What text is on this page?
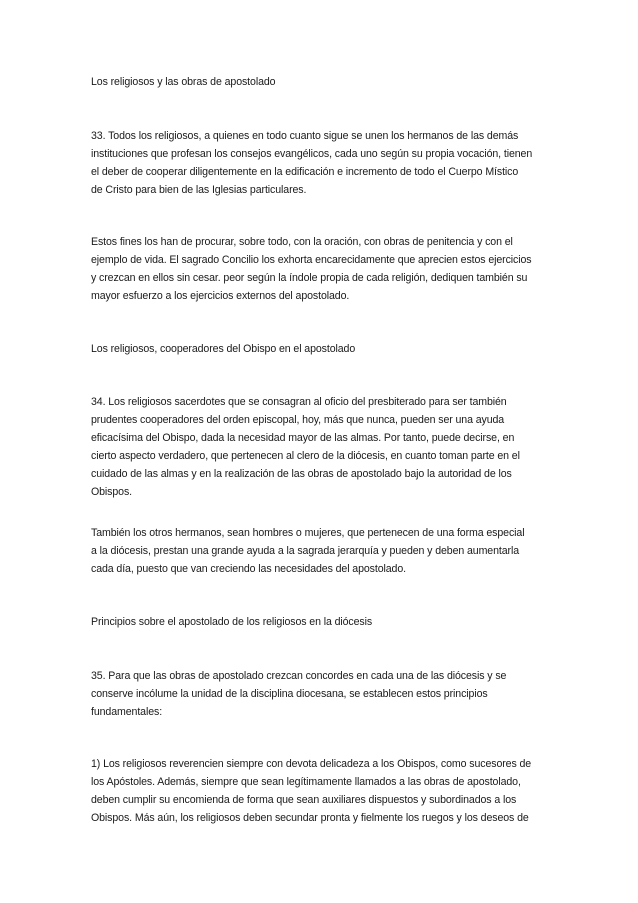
Los religiosos y las obras de apostolado

33. Todos los religiosos, a quienes en todo cuanto sigue se unen los hermanos de las demás
instituciones que profesan los consejos evangélicos, cada uno según su propia vocación, tienen
el deber de cooperar diligentemente en la edificación e incremento de todo el Cuerpo Místico
de Cristo para bien de las Iglesias particulares.

Estos fines los han de procurar, sobre todo, con la oración, con obras de penitencia y con el
ejemplo de vida. El sagrado Concilio los exhorta encarecidamente que aprecien estos ejercicios
y crezcan en ellos sin cesar. peor según la índole propia de cada religión, dediquen también su
mayor esfuerzo a los ejercicios externos del apostolado.

Los religiosos, cooperadores del Obispo en el apostolado

34. Los religiosos sacerdotes que se consagran al oficio del presbiterado para ser también
prudentes cooperadores del orden episcopal, hoy, más que nunca, pueden ser una ayuda
eficacísima del Obispo, dada la necesidad mayor de las almas. Por tanto, puede decirse, en
cierto aspecto verdadero, que pertenecen al clero de la diócesis, en cuanto toman parte en el
cuidado de las almas y en la realización de las obras de apostolado bajo la autoridad de los
Obispos.

También los otros hermanos, sean hombres o mujeres, que pertenecen de una forma especial
a la diócesis, prestan una grande ayuda a la sagrada jerarquía y pueden y deben aumentarla
cada día, puesto que van creciendo las necesidades del apostolado.

Principios sobre el apostolado de los religiosos en la diócesis

35. Para que las obras de apostolado crezcan concordes en cada una de las diócesis y se
conserve incólume la unidad de la disciplina diocesana, se establecen estos principios
fundamentales:

1) Los religiosos reverencien siempre con devota delicadeza a los Obispos, como sucesores de
los Apóstoles. Además, siempre que sean legítimamente llamados a las obras de apostolado,
deben cumplir su encomienda de forma que sean auxiliares dispuestos y subordinados a los
Obispos. Más aún, los religiosos deben secundar pronta y fielmente los ruegos y los deseos de
